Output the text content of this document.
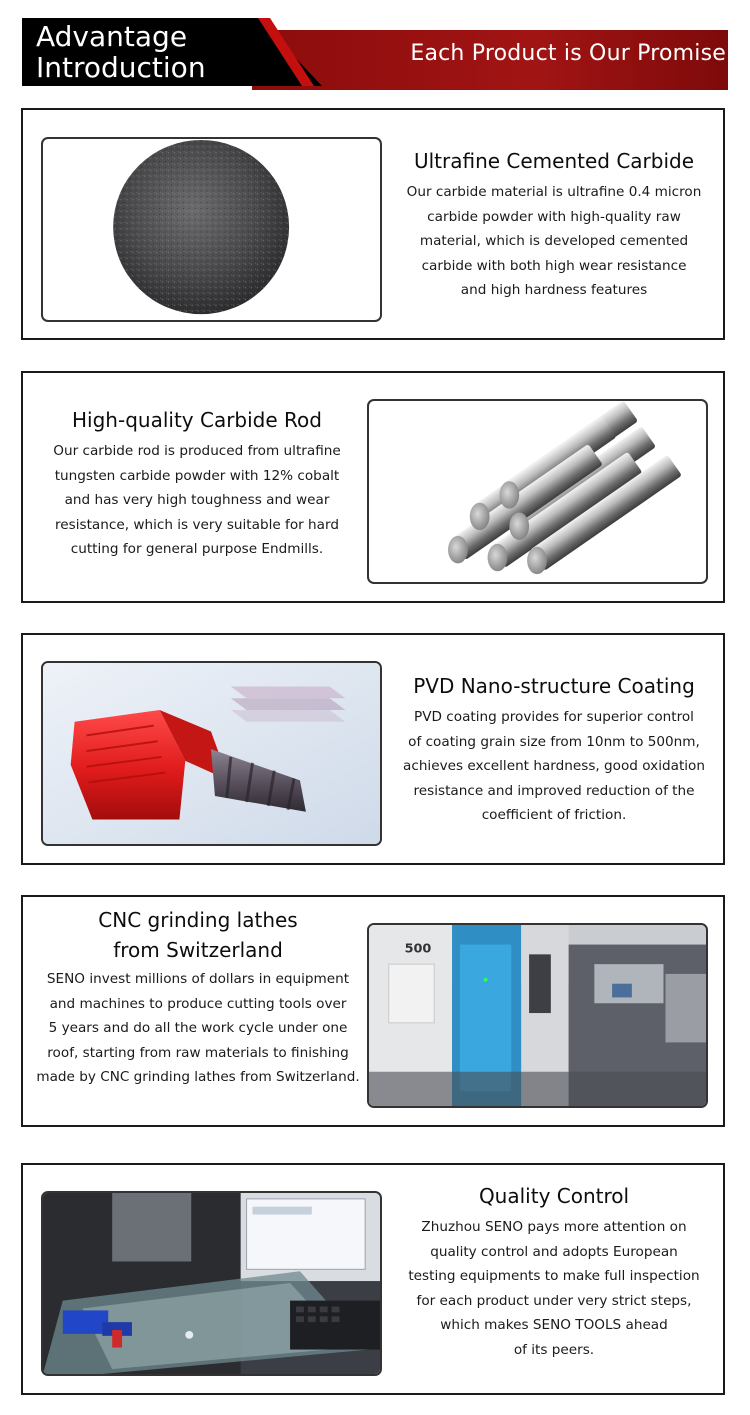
Advantage
Introduction	Each Product is Our Promise
Ultrafine Cemented Carbide

Our carbide material is ultrafine 0.4 micron
carbide powder with high-quality raw
material, which is developed cemented
carbide with both high wear resistance
and high hardness features

High-quality Carbide Rod

Our carbide rod is produced from ultrafine
tungsten carbide powder with 12% cobalt
and has very high toughness and wear
resistance, which is very suitable for hard
cutting for general purpose Endmills.

PVD Nano-structure Coating

PVD coating provides for superior control
of coating grain size from 10nm to 500nm,
achieves excellent hardness, good oxidation
resistance and improved reduction of the
coefficient of friction.

CNC grinding lathes
from Switzerland

SENO invest millions of dollars in equipment
and machines to produce cutting tools over
5 years and do all the work cycle under one
roof, starting from raw materials to finishing
made by CNC grinding lathes from Switzerland.

500
Quality Control

Zhuzhou SENO pays more attention on
quality control and adopts European
testing equipments to make full inspection
for each product under very strict steps,
which makes SENO TOOLS ahead
of its peers.
